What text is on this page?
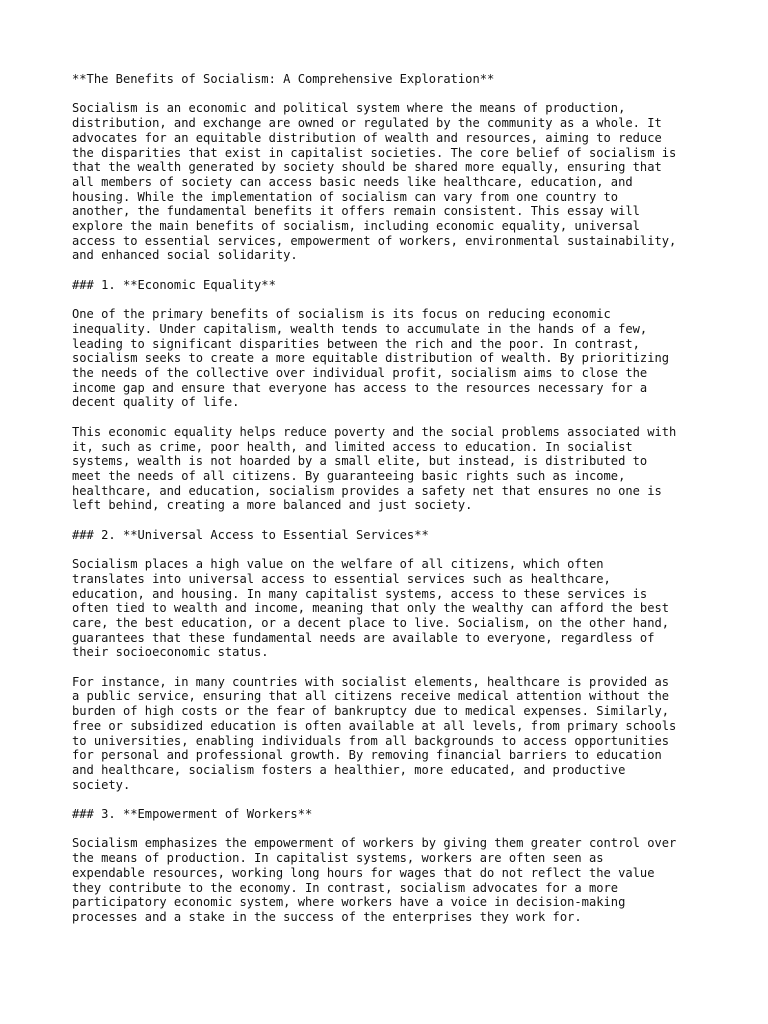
**The Benefits of Socialism: A Comprehensive Exploration**

Socialism is an economic and political system where the means of production,
distribution, and exchange are owned or regulated by the community as a whole. It
advocates for an equitable distribution of wealth and resources, aiming to reduce
the disparities that exist in capitalist societies. The core belief of socialism is
that the wealth generated by society should be shared more equally, ensuring that
all members of society can access basic needs like healthcare, education, and
housing. While the implementation of socialism can vary from one country to
another, the fundamental benefits it offers remain consistent. This essay will
explore the main benefits of socialism, including economic equality, universal
access to essential services, empowerment of workers, environmental sustainability,
and enhanced social solidarity.

### 1. **Economic Equality**

One of the primary benefits of socialism is its focus on reducing economic
inequality. Under capitalism, wealth tends to accumulate in the hands of a few,
leading to significant disparities between the rich and the poor. In contrast,
socialism seeks to create a more equitable distribution of wealth. By prioritizing
the needs of the collective over individual profit, socialism aims to close the
income gap and ensure that everyone has access to the resources necessary for a
decent quality of life.

This economic equality helps reduce poverty and the social problems associated with
it, such as crime, poor health, and limited access to education. In socialist
systems, wealth is not hoarded by a small elite, but instead, is distributed to
meet the needs of all citizens. By guaranteeing basic rights such as income,
healthcare, and education, socialism provides a safety net that ensures no one is
left behind, creating a more balanced and just society.

### 2. **Universal Access to Essential Services**

Socialism places a high value on the welfare of all citizens, which often
translates into universal access to essential services such as healthcare,
education, and housing. In many capitalist systems, access to these services is
often tied to wealth and income, meaning that only the wealthy can afford the best
care, the best education, or a decent place to live. Socialism, on the other hand,
guarantees that these fundamental needs are available to everyone, regardless of
their socioeconomic status.

For instance, in many countries with socialist elements, healthcare is provided as
a public service, ensuring that all citizens receive medical attention without the
burden of high costs or the fear of bankruptcy due to medical expenses. Similarly,
free or subsidized education is often available at all levels, from primary schools
to universities, enabling individuals from all backgrounds to access opportunities
for personal and professional growth. By removing financial barriers to education
and healthcare, socialism fosters a healthier, more educated, and productive
society.

### 3. **Empowerment of Workers**

Socialism emphasizes the empowerment of workers by giving them greater control over
the means of production. In capitalist systems, workers are often seen as
expendable resources, working long hours for wages that do not reflect the value
they contribute to the economy. In contrast, socialism advocates for a more
participatory economic system, where workers have a voice in decision-making
processes and a stake in the success of the enterprises they work for.
